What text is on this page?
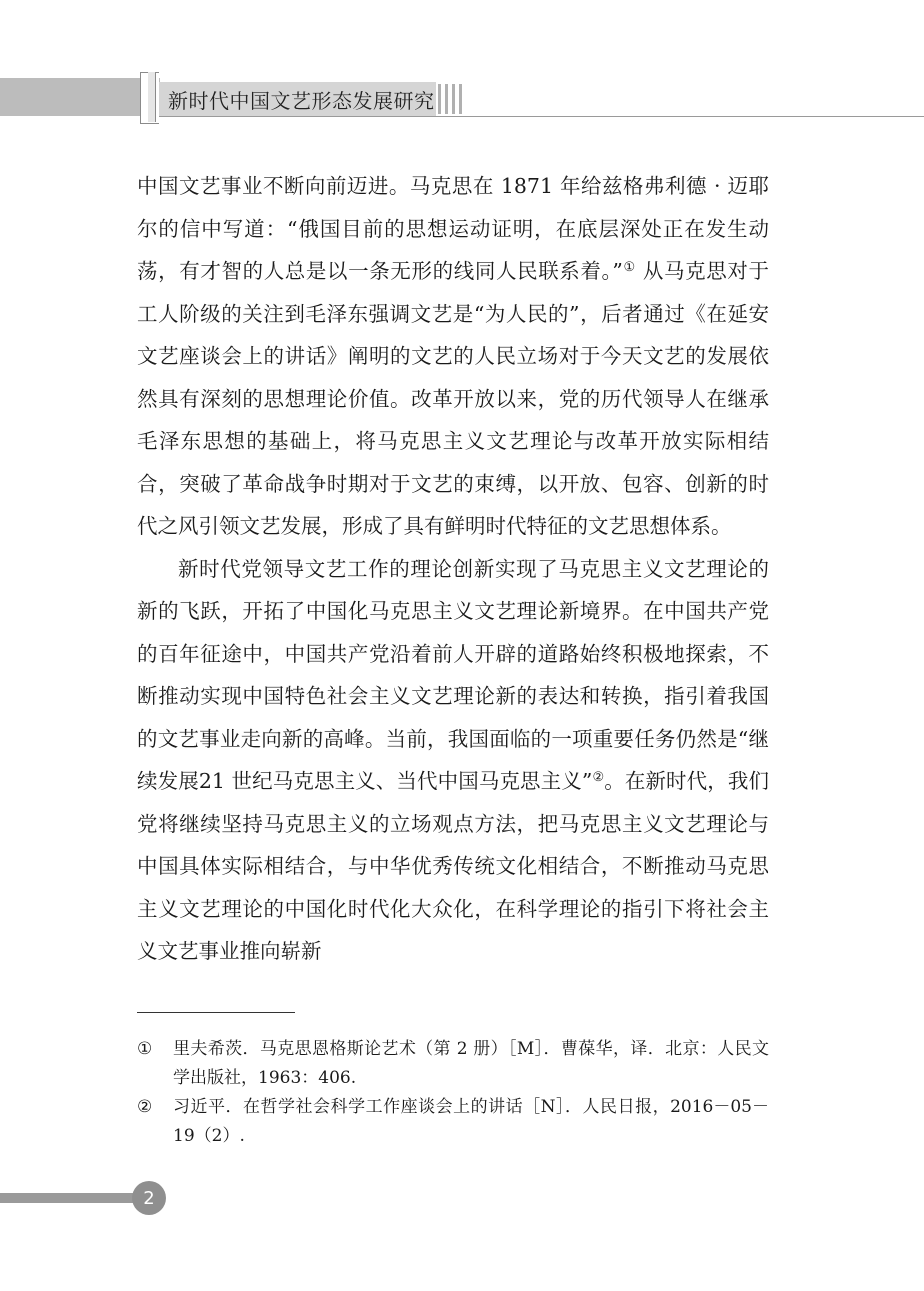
新时代中国文艺形态发展研究

中国文艺事业不断向前迈进。马克思在 1871 年给兹格弗利德 · 迈耶尔的信中写道：“俄国目前的思想运动证明，在底层深处正在发生动荡，有才智的人总是以一条无形的线同人民联系着。”① 从马克思对于工人阶级的关注到毛泽东强调文艺是“为人民的”，后者通过《在延安文艺座谈会上的讲话》阐明的文艺的人民立场对于今天文艺的发展依然具有深刻的思想理论价值。改革开放以来，党的历代领导人在继承毛泽东思想的基础上，将马克思主义文艺理论与改革开放实际相结合，突破了革命战争时期对于文艺的束缚，以开放、包容、创新的时代之风引领文艺发展，形成了具有鲜明时代特征的文艺思想体系。

新时代党领导文艺工作的理论创新实现了马克思主义文艺理论的新的飞跃，开拓了中国化马克思主义文艺理论新境界。在中国共产党的百年征途中，中国共产党沿着前人开辟的道路始终积极地探索，不断推动实现中国特色社会主义文艺理论新的表达和转换，指引着我国的文艺事业走向新的高峰。当前，我国面临的一项重要任务仍然是“继续发展21 世纪马克思主义、当代中国马克思主义”②。在新时代，我们党将继续坚持马克思主义的立场观点方法，把马克思主义文艺理论与中国具体实际相结合，与中华优秀传统文化相结合，不断推动马克思主义文艺理论的中国化时代化大众化，在科学理论的指引下将社会主义文艺事业推向崭新

① 里夫希茨．马克思恩格斯论艺术（第 2 册）［M］．曹葆华，译．北京：人民文学出版社，1963：406.
② 习近平．在哲学社会科学工作座谈会上的讲话［N］．人民日报，2016－05－19（2）.
2
